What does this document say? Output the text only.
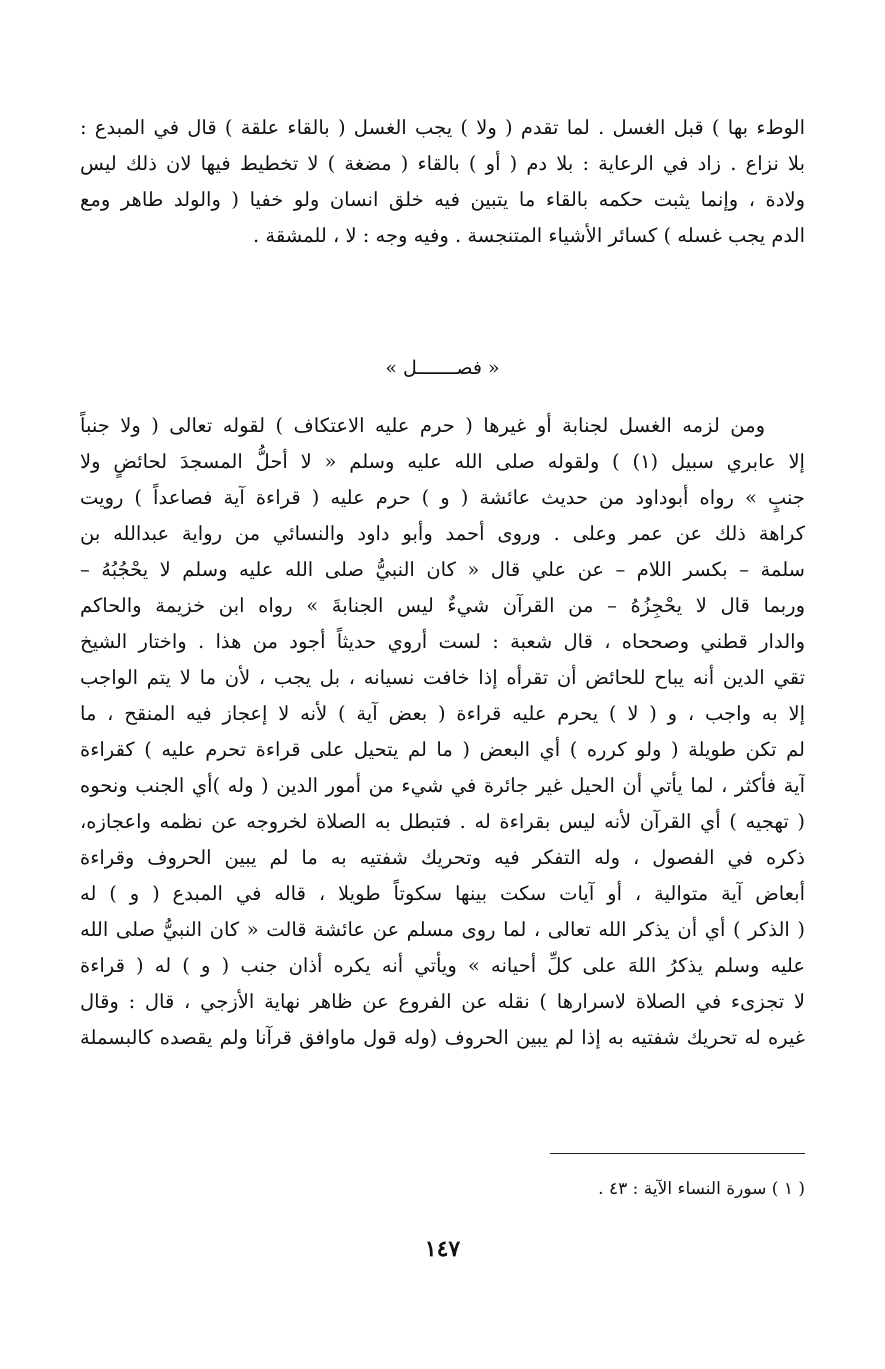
الوطء بها ) قبل الغسل . لما تقدم ( ولا ) يجب الغسل ( بالقاء علقة ) قال في المبدع :
بلا نزاع . زاد في الرعاية : بلا دم ( أو ) بالقاء ( مضغة ) لا تخطيط فيها لان ذلك ليس
ولادة ، وإنما يثبت حكمه بالقاء ما يتبين فيه خلق انسان ولو خفيا ( والولد طاهر ومع
الدم يجب غسله ) كسائر الأشياء المتنجسة . وفيه وجه : لا ، للمشقة .
« فصـــــــل »
ومن لزمه الغسل لجنابة أو غيرها ( حرم عليه الاعتكاف ) لقوله تعالى ( ولا جنباً
إلا عابري سبيل (١) ) ولقوله صلى الله عليه وسلم « لا أحلُّ المسجدَ لحائضٍ ولا
جنبٍ » رواه أبوداود من حديث عائشة ( و ) حرم عليه ( قراءة آية فصاعداً ) رويت
كراهة ذلك عن عمر وعلى . وروى أحمد وأبو داود والنسائي من رواية عبدالله بن
سلمة – بكسر اللام – عن علي قال « كان النبيُّ صلى الله عليه وسلم لا يحْجُبُهُ –
وربما قال لا يحْجِزُهُ – من القرآن شيءٌ ليس الجنابةَ » رواه ابن خزيمة والحاكم
والدار قطني وصححاه ، قال شعبة : لست أروي حديثاً أجود من هذا . واختار الشيخ
تقي الدين أنه يباح للحائض أن تقرأه إذا خافت نسيانه ، بل يجب ، لأن ما لا يتم الواجب
إلا به واجب ، و ( لا ) يحرم عليه قراءة ( بعض آية ) لأنه لا إعجاز فيه المنقح ، ما
لم تكن طويلة ( ولو كرره ) أي البعض ( ما لم يتحيل على قراءة تحرم عليه ) كقراءة
آية فأكثر ، لما يأتي أن الحيل غير جائرة في شيء من أمور الدين ( وله )أي الجنب ونحوه
( تهجيه ) أي القرآن لأنه ليس بقراءة له . فتبطل به الصلاة لخروجه عن نظمه واعجازه،
ذكره في الفصول ، وله التفكر فيه وتحريك شفتيه به ما لم يبين الحروف وقراءة
أبعاض آية متوالية ، أو آيات سكت بينها سكوتاً طويلا ، قاله في المبدع ( و ) له
( الذكر ) أي أن يذكر الله تعالى ، لما روى مسلم عن عائشة قالت « كان النبيُّ صلى الله
عليه وسلم يذكرُ اللهَ على كلِّ أحيانه » ويأتي أنه يكره أذان جنب ( و ) له ( قراءة
لا تجزىء في الصلاة لاسرارها ) نقله عن الفروع عن ظاهر نهاية الأزجي ، قال : وقال
غيره له تحريك شفتيه به إذا لم يبين الحروف (وله قول ماوافق قرآنا ولم يقصده كالبسملة
( ١ ) سورة النساء الآية : ٤٣ .
١٤٧
